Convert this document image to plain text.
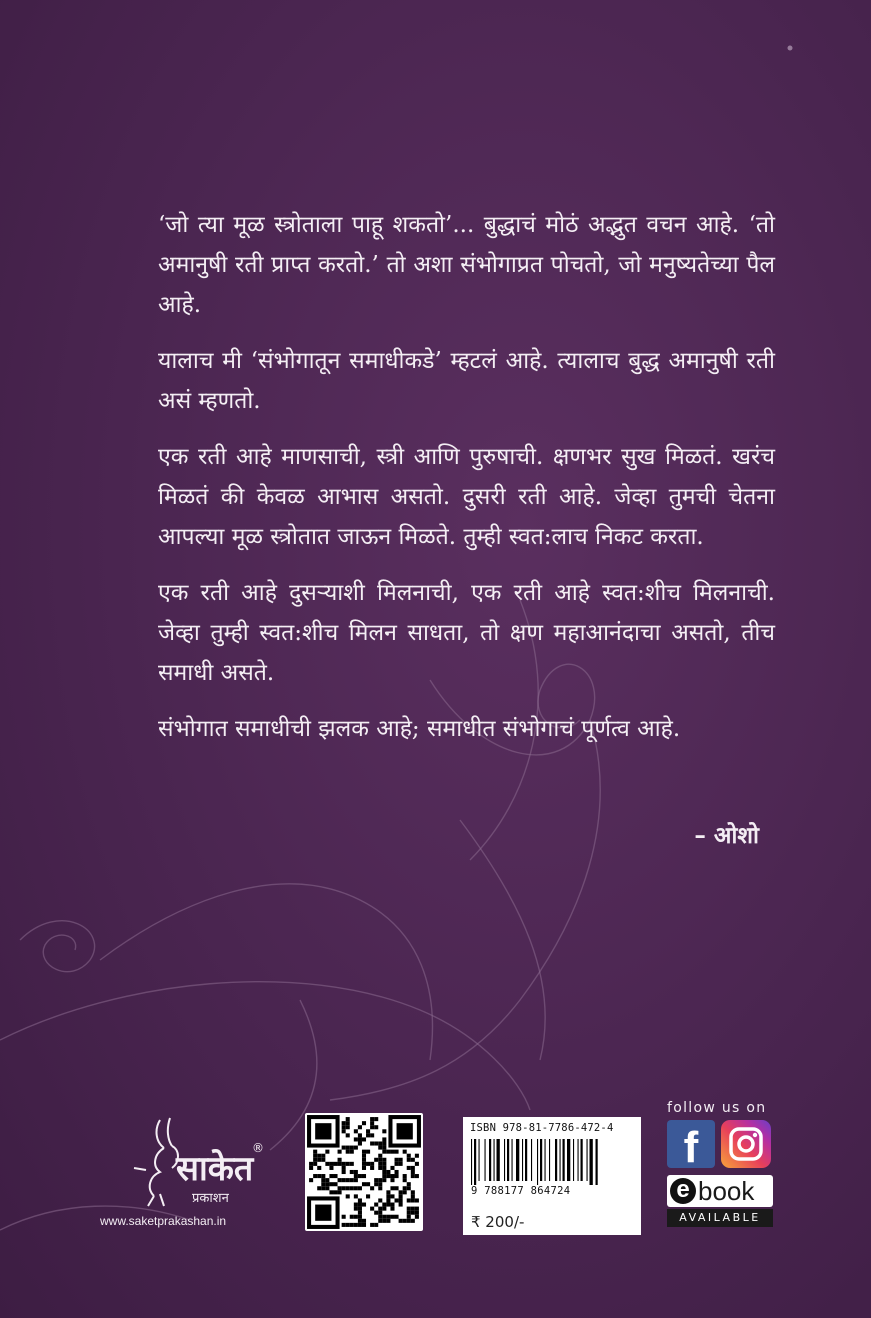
‘जो त्या मूळ स्त्रोताला पाहू शकतो’... बुद्धाचं मोठं अद्भुत वचन आहे. ‘तो अमानुषी रती प्राप्त करतो.’ तो अशा संभोगाप्रत पोचतो, जो मनुष्यतेच्या पैल आहे.

यालाच मी ‘संभोगातून समाधीकडे’ म्हटलं आहे. त्यालाच बुद्ध अमानुषी रती असं म्हणतो.

एक रती आहे माणसाची, स्त्री आणि पुरुषाची. क्षणभर सुख मिळतं. खरंच मिळतं की केवळ आभास असतो. दुसरी रती आहे. जेव्हा तुमची चेतना आपल्या मूळ स्त्रोतात जाऊन मिळते. तुम्ही स्वत:लाच निकट करता.

एक रती आहे दुसऱ्याशी मिलनाची, एक रती आहे स्वत:शीच मिलनाची. जेव्हा तुम्ही स्वत:शीच मिलन साधता, तो क्षण महाआनंदाचा असतो, तीच समाधी असते.

संभोगात समाधीची झलक आहे; समाधीत संभोगाचं पूर्णत्व आहे.

– ओशो
साकेत
®
प्रकाशन
www.saketprakashan.in
ISBN 978-81-7786-472-4
9 788177 864724
₹ 200/-
follow us on
f
e book
AVAILABLE
